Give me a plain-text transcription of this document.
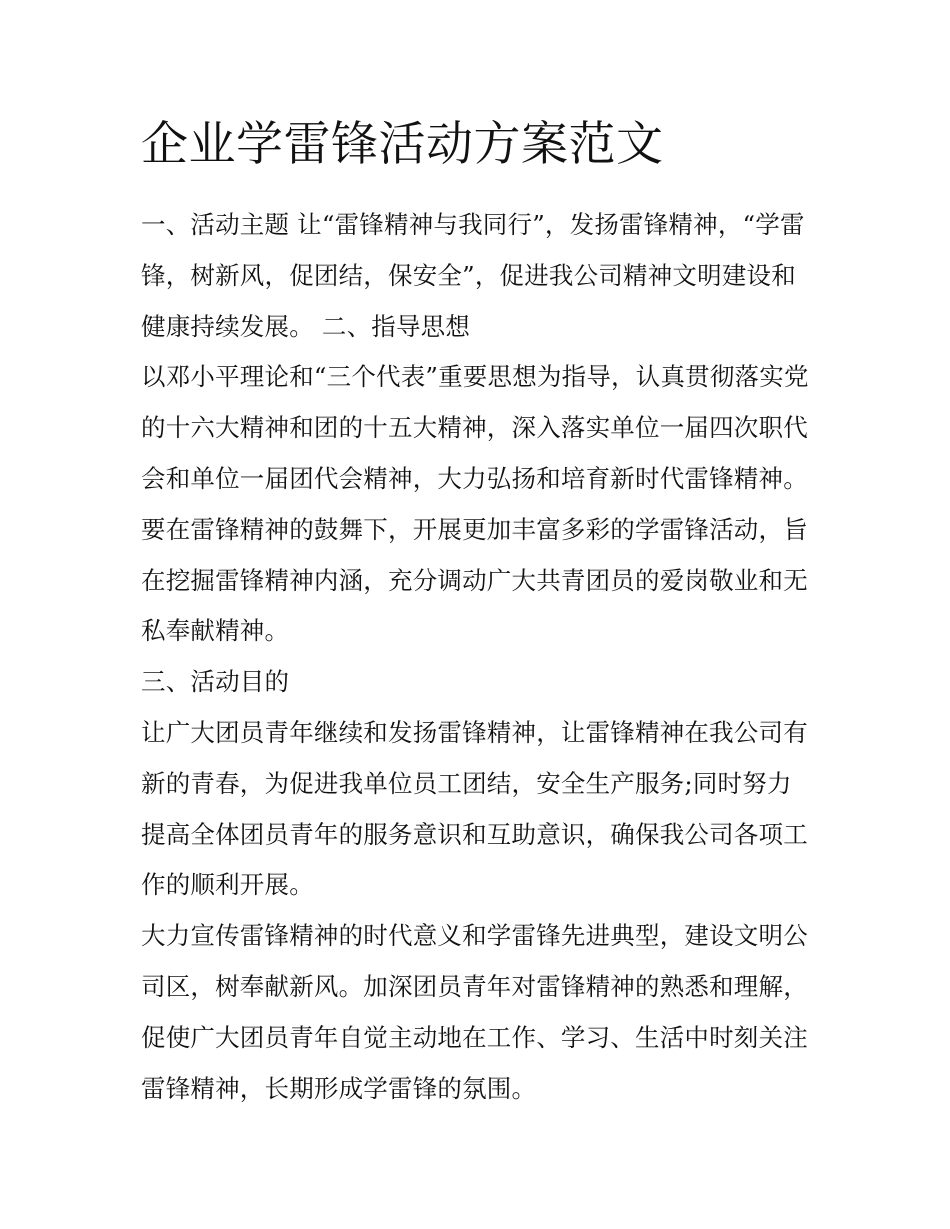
企业学雷锋活动方案范文
一、活动主题 让“雷锋精神与我同行”，发扬雷锋精神，“学雷
锋，树新风，促团结，保安全”，促进我公司精神文明建设和
健康持续发展。 二、指导思想
以邓小平理论和“三个代表”重要思想为指导，认真贯彻落实党
的十六大精神和团的十五大精神，深入落实单位一届四次职代
会和单位一届团代会精神，大力弘扬和培育新时代雷锋精神。
要在雷锋精神的鼓舞下，开展更加丰富多彩的学雷锋活动，旨
在挖掘雷锋精神内涵，充分调动广大共青团员的爱岗敬业和无
私奉献精神。
三、活动目的
让广大团员青年继续和发扬雷锋精神，让雷锋精神在我公司有
新的青春，为促进我单位员工团结，安全生产服务;同时努力
提高全体团员青年的服务意识和互助意识，确保我公司各项工
作的顺利开展。
大力宣传雷锋精神的时代意义和学雷锋先进典型，建设文明公
司区，树奉献新风。加深团员青年对雷锋精神的熟悉和理解，
促使广大团员青年自觉主动地在工作、学习、生活中时刻关注
雷锋精神，长期形成学雷锋的氛围。
